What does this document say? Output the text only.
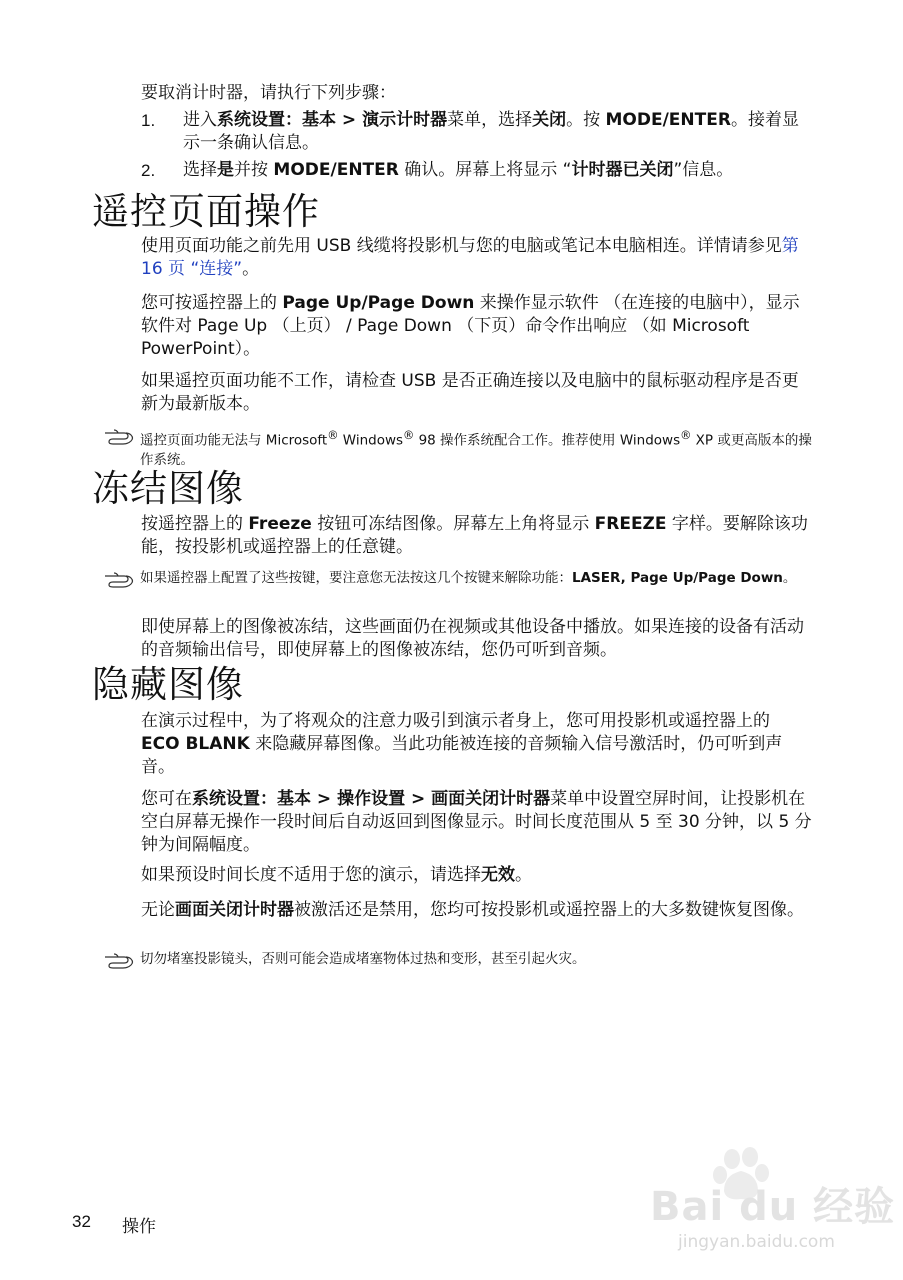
要取消计时器，请执行下列步骤：

1. 进入系统设置：基本 > 演示计时器菜单，选择关闭。按 MODE/ENTER。接着显示一条确认信息。
2. 选择是并按 MODE/ENTER 确认。屏幕上将显示 “计时器已关闭”信息。
遥控页面操作

使用页面功能之前先用 USB 线缆将投影机与您的电脑或笔记本电脑相连。详情请参见第 16 页 “连接”。

您可按遥控器上的 Page Up/Page Down 来操作显示软件 （在连接的电脑中），显示软件对 Page Up （上页） / Page Down （下页）命令作出响应 （如 Microsoft PowerPoint）。

如果遥控页面功能不工作，请检查 USB 是否正确连接以及电脑中的鼠标驱动程序是否更新为最新版本。

遥控页面功能无法与 Microsoft® Windows® 98 操作系统配合工作。推荐使用 Windows® XP 或更高版本的操作系统。
冻结图像

按遥控器上的 Freeze 按钮可冻结图像。屏幕左上角将显示 FREEZE 字样。要解除该功能，按投影机或遥控器上的任意键。

如果遥控器上配置了这些按键，要注意您无法按这几个按键来解除功能：LASER, Page Up/Page Down。

即使屏幕上的图像被冻结，这些画面仍在视频或其他设备中播放。如果连接的设备有活动的音频输出信号，即使屏幕上的图像被冻结，您仍可听到音频。

隐藏图像

在演示过程中，为了将观众的注意力吸引到演示者身上，您可用投影机或遥控器上的 ECO BLANK 来隐藏屏幕图像。当此功能被连接的音频输入信号激活时，仍可听到声音。

您可在系统设置：基本 > 操作设置 > 画面关闭计时器菜单中设置空屏时间，让投影机在空白屏幕无操作一段时间后自动返回到图像显示。时间长度范围从 5 至 30 分钟，以 5 分钟为间隔幅度。

如果预设时间长度不适用于您的演示，请选择无效。

无论画面关闭计时器被激活还是禁用，您均可按投影机或遥控器上的大多数键恢复图像。

切勿堵塞投影镜头，否则可能会造成堵塞物体过热和变形，甚至引起火灾。
32 操作	Bai du 经验
jingyan.baidu.com
